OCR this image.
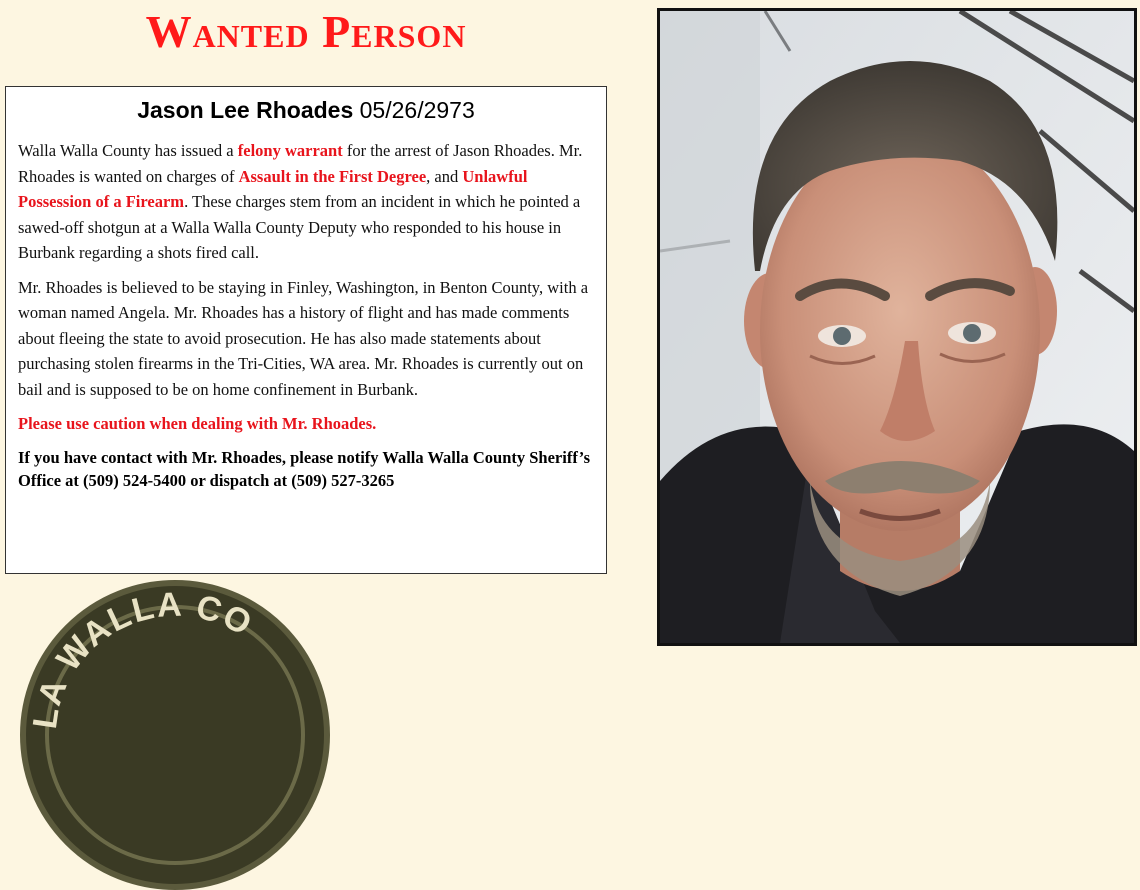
Wanted Person
Jason Lee Rhoades 05/26/2973

Walla Walla County has issued a felony warrant for the arrest of Jason Rhoades. Mr. Rhoades is wanted on charges of Assault in the First Degree, and Unlawful Possession of a Firearm. These charges stem from an incident in which he pointed a sawed-off shotgun at a Walla Walla County Deputy who responded to his house in Burbank regarding a shots fired call.

Mr. Rhoades is believed to be staying in Finley, Washington, in Benton County, with a woman named Angela. Mr. Rhoades has a history of flight and has made comments about fleeing the state to avoid prosecution. He has also made statements about purchasing stolen firearms in the Tri-Cities, WA area. Mr. Rhoades is currently out on bail and is supposed to be on home confinement in Burbank.

Please use caution when dealing with Mr. Rhoades.

If you have contact with Mr. Rhoades, please notify Walla Walla County Sheriff’s Office at (509) 524-5400 or dispatch at (509) 527-3265

LA WALLA CO
